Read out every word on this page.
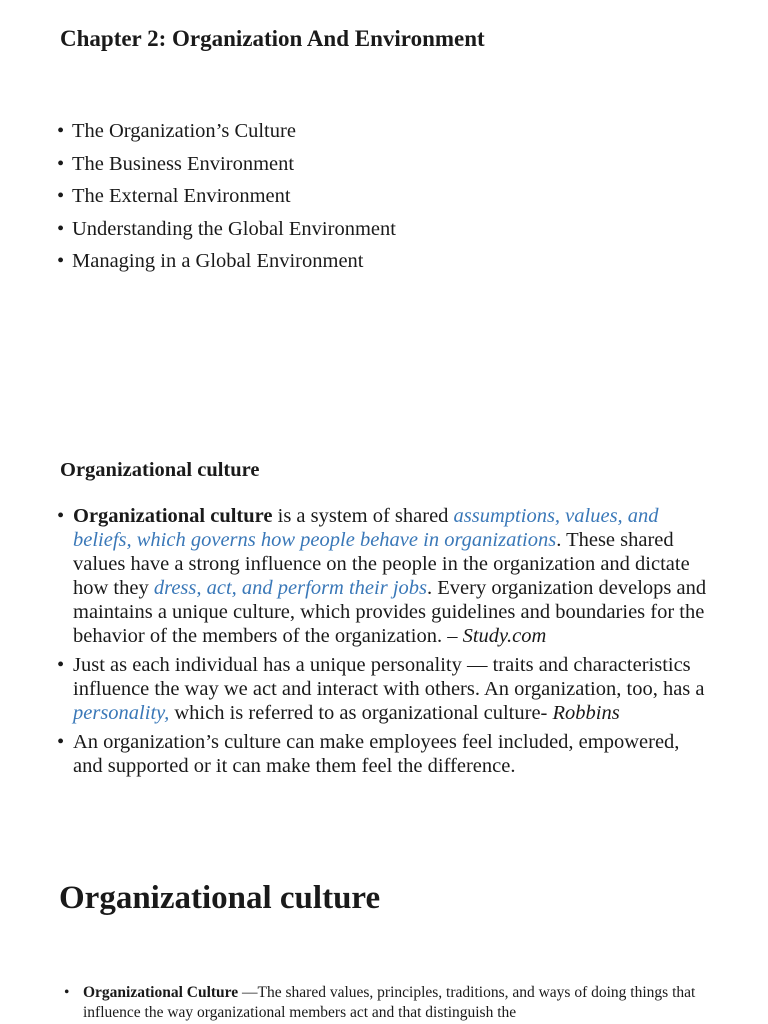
Chapter 2: Organization And Environment
• The Organization’s Culture
• The Business Environment
• The External Environment
• Understanding the Global Environment
• Managing in a Global Environment
Organizational culture
• Organizational culture is a system of shared assumptions, values, and beliefs, which governs how people behave in organizations. These shared values have a strong influence on the people in the organization and dictate how they dress, act, and perform their jobs. Every organization develops and maintains a unique culture, which provides guidelines and boundaries for the behavior of the members of the organization. – Study.com
• Just as each individual has a unique personality — traits and characteristics influence the way we act and interact with others. An organization, too, has a personality, which is referred to as organizational culture- Robbins
• An organization’s culture can make employees feel included, empowered, and supported or it can make them feel the difference.
Organizational culture
• Organizational Culture —The shared values, principles, traditions, and ways of doing things that influence the way organizational members act and that distinguish the
